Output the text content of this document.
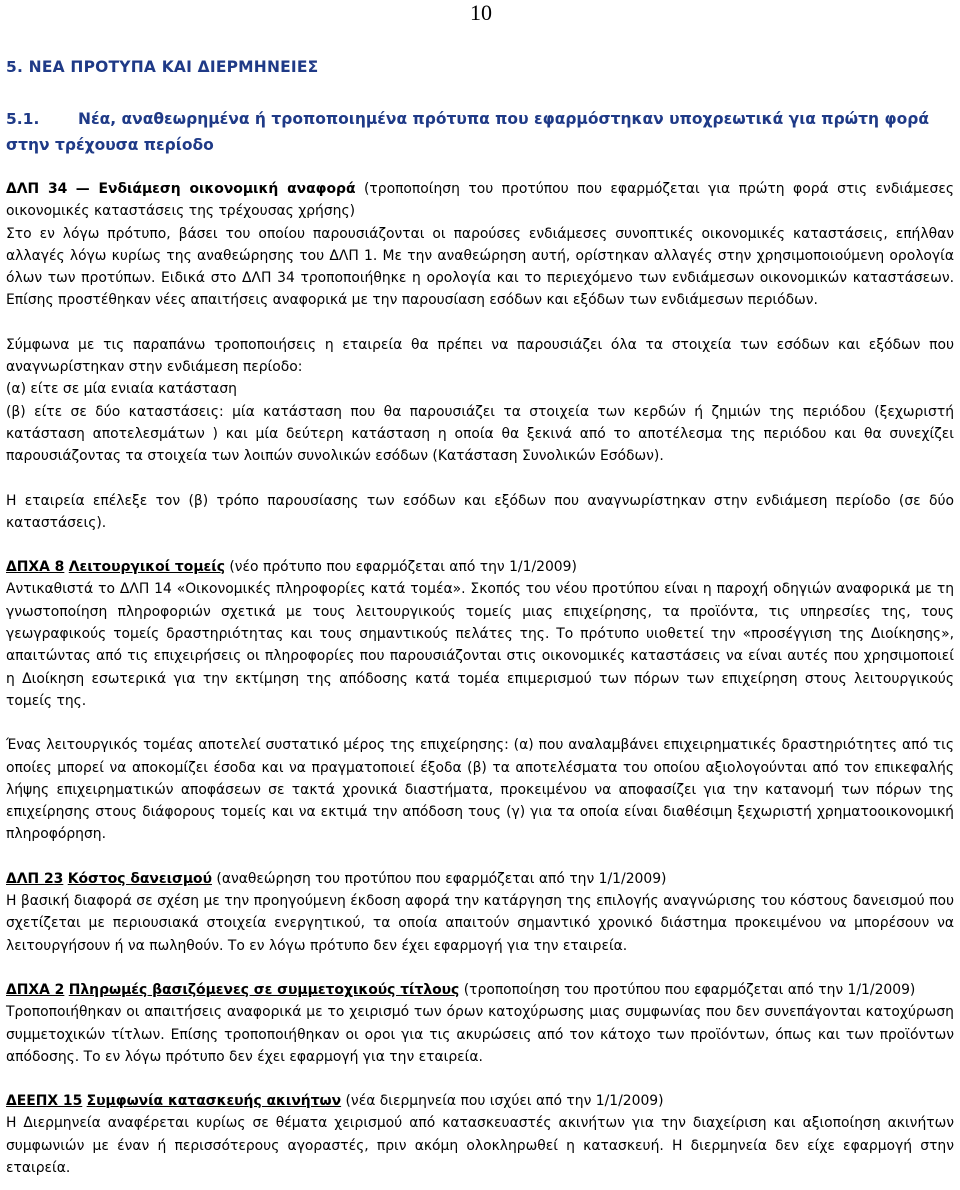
10
5. ΝΕΑ ΠΡΟΤΥΠΑ ΚΑΙ ΔΙΕΡΜΗΝΕΙΕΣ
5.1. Νέα, αναθεωρημένα ή τροποποιημένα πρότυπα που εφαρμόστηκαν υποχρεωτικά για πρώτη φορά στην τρέχουσα περίοδο

ΔΛΠ 34 — Ενδιάμεση οικονομική αναφορά (τροποποίηση του προτύπου που εφαρμόζεται για πρώτη φορά στις ενδιάμεσες οικονομικές καταστάσεις της τρέχουσας χρήσης)
Στο εν λόγω πρότυπο, βάσει του οποίου παρουσιάζονται οι παρούσες ενδιάμεσες συνοπτικές οικονομικές καταστάσεις, επήλθαν αλλαγές λόγω κυρίως της αναθεώρησης του ΔΛΠ 1. Με την αναθεώρηση αυτή, ορίστηκαν αλλαγές στην χρησιμοποιούμενη ορολογία όλων των προτύπων. Ειδικά στο ΔΛΠ 34 τροποποιήθηκε η ορολογία και το περιεχόμενο των ενδιάμεσων οικονομικών καταστάσεων. Επίσης προστέθηκαν νέες απαιτήσεις αναφορικά με την παρουσίαση εσόδων και εξόδων των ενδιάμεσων περιόδων.

Σύμφωνα με τις παραπάνω τροποποιήσεις η εταιρεία θα πρέπει να παρουσιάζει όλα τα στοιχεία των εσόδων και εξόδων που αναγνωρίστηκαν στην ενδιάμεση περίοδο:
(α) είτε σε μία ενιαία κατάσταση
(β) είτε σε δύο καταστάσεις: μία κατάσταση που θα παρουσιάζει τα στοιχεία των κερδών ή ζημιών της περιόδου (ξεχωριστή κατάσταση αποτελεσμάτων ) και μία δεύτερη κατάσταση η οποία θα ξεκινά από το αποτέλεσμα της περιόδου και θα συνεχίζει παρουσιάζοντας τα στοιχεία των λοιπών συνολικών εσόδων (Κατάσταση Συνολικών Εσόδων).

Η εταιρεία επέλεξε τον (β) τρόπο παρουσίασης των εσόδων και εξόδων που αναγνωρίστηκαν στην ενδιάμεση περίοδο (σε δύο καταστάσεις).

ΔΠΧΑ 8 Λειτουργικοί τομείς (νέο πρότυπο που εφαρμόζεται από την 1/1/2009)
Αντικαθιστά το ΔΛΠ 14 «Οικονομικές πληροφορίες κατά τομέα». Σκοπός του νέου προτύπου είναι η παροχή οδηγιών αναφορικά με τη γνωστοποίηση πληροφοριών σχετικά με τους λειτουργικούς τομείς μιας επιχείρησης, τα προϊόντα, τις υπηρεσίες της, τους γεωγραφικούς τομείς δραστηριότητας και τους σημαντικούς πελάτες της. Το πρότυπο υιοθετεί την «προσέγγιση της Διοίκησης», απαιτώντας από τις επιχειρήσεις οι πληροφορίες που παρουσιάζονται στις οικονομικές καταστάσεις να είναι αυτές που χρησιμοποιεί η Διοίκηση εσωτερικά για την εκτίμηση της απόδοσης κατά τομέα επιμερισμού των πόρων των επιχείρηση στους λειτουργικούς τομείς της.

Ένας λειτουργικός τομέας αποτελεί συστατικό μέρος της επιχείρησης: (α) που αναλαμβάνει επιχειρηματικές δραστηριότητες από τις οποίες μπορεί να αποκομίζει έσοδα και να πραγματοποιεί έξοδα (β) τα αποτελέσματα του οποίου αξιολογούνται από τον επικεφαλής λήψης επιχειρηματικών αποφάσεων σε τακτά χρονικά διαστήματα, προκειμένου να αποφασίζει για την κατανομή των πόρων της επιχείρησης στους διάφορους τομείς και να εκτιμά την απόδοση τους (γ) για τα οποία είναι διαθέσιμη ξεχωριστή χρηματοοικονομική πληροφόρηση.

ΔΛΠ 23 Κόστος δανεισμού (αναθεώρηση του προτύπου που εφαρμόζεται από την 1/1/2009)
Η βασική διαφορά σε σχέση με την προηγούμενη έκδοση αφορά την κατάργηση της επιλογής αναγνώρισης του κόστους δανεισμού που σχετίζεται με περιουσιακά στοιχεία ενεργητικού, τα οποία απαιτούν σημαντικό χρονικό διάστημα προκειμένου να μπορέσουν να λειτουργήσουν ή να πωληθούν. Το εν λόγω πρότυπο δεν έχει εφαρμογή για την εταιρεία.

ΔΠΧΑ 2 Πληρωμές βασιζόμενες σε συμμετοχικούς τίτλους (τροποποίηση του προτύπου που εφαρμόζεται από την 1/1/2009)
Τροποποιήθηκαν οι απαιτήσεις αναφορικά με το χειρισμό των όρων κατοχύρωσης μιας συμφωνίας που δεν συνεπάγονται κατοχύρωση συμμετοχικών τίτλων. Επίσης τροποποιήθηκαν οι οροι για τις ακυρώσεις από τον κάτοχο των προϊόντων, όπως και των προϊόντων απόδοσης. Το εν λόγω πρότυπο δεν έχει εφαρμογή για την εταιρεία.

ΔΕΕΠΧ 15 Συμφωνία κατασκευής ακινήτων (νέα διερμηνεία που ισχύει από την 1/1/2009)
Η Διερμηνεία αναφέρεται κυρίως σε θέματα χειρισμού από κατασκευαστές ακινήτων για την διαχείριση και αξιοποίηση ακινήτων συμφωνιών με έναν ή περισσότερους αγοραστές, πριν ακόμη ολοκληρωθεί η κατασκευή. Η διερμηνεία δεν είχε εφαρμογή στην εταιρεία.
